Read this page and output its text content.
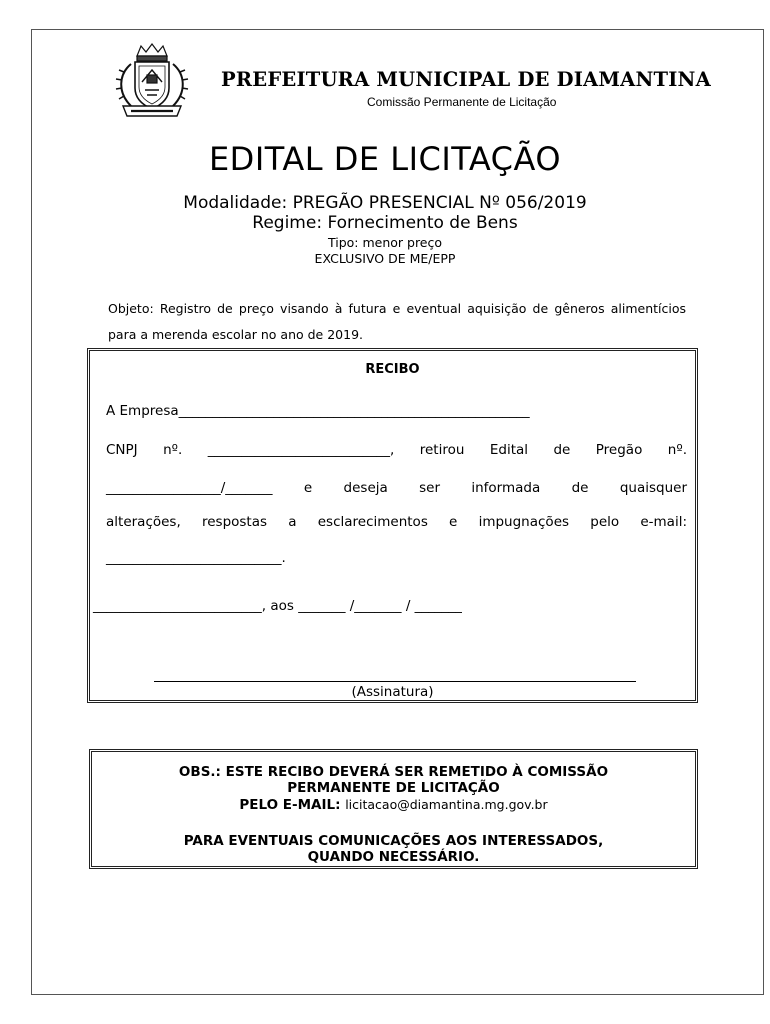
PREFEITURA MUNICIPAL DE DIAMANTINA
Comissão Permanente de Licitação
EDITAL DE LICITAÇÃO
Modalidade: PREGÃO PRESENCIAL Nº 056/2019
Regime: Fornecimento de Bens
Tipo: menor preço
EXCLUSIVO DE ME/EPP
Objeto: Registro de preço visando à futura e eventual aquisição de gêneros alimentícios para a merenda escolar no ano de 2019.
RECIBO
A Empresa____________________________________________________
CNPJ nº. ___________________________, retirou Edital de Pregão nº.
_________________/_______ e deseja ser informada de quaisquer
alterações, respostas a esclarecimentos e impugnações pelo e-mail:
__________________________.
_________________________, aos _______ /_______ / _______
(Assinatura)
OBS.: ESTE RECIBO DEVERÁ SER REMETIDO À COMISSÃO
PERMANENTE DE LICITAÇÃO
PELO E-MAIL: licitacao@diamantina.mg.gov.br
PARA EVENTUAIS COMUNICAÇÕES AOS INTERESSADOS,
QUANDO NECESSÁRIO.
